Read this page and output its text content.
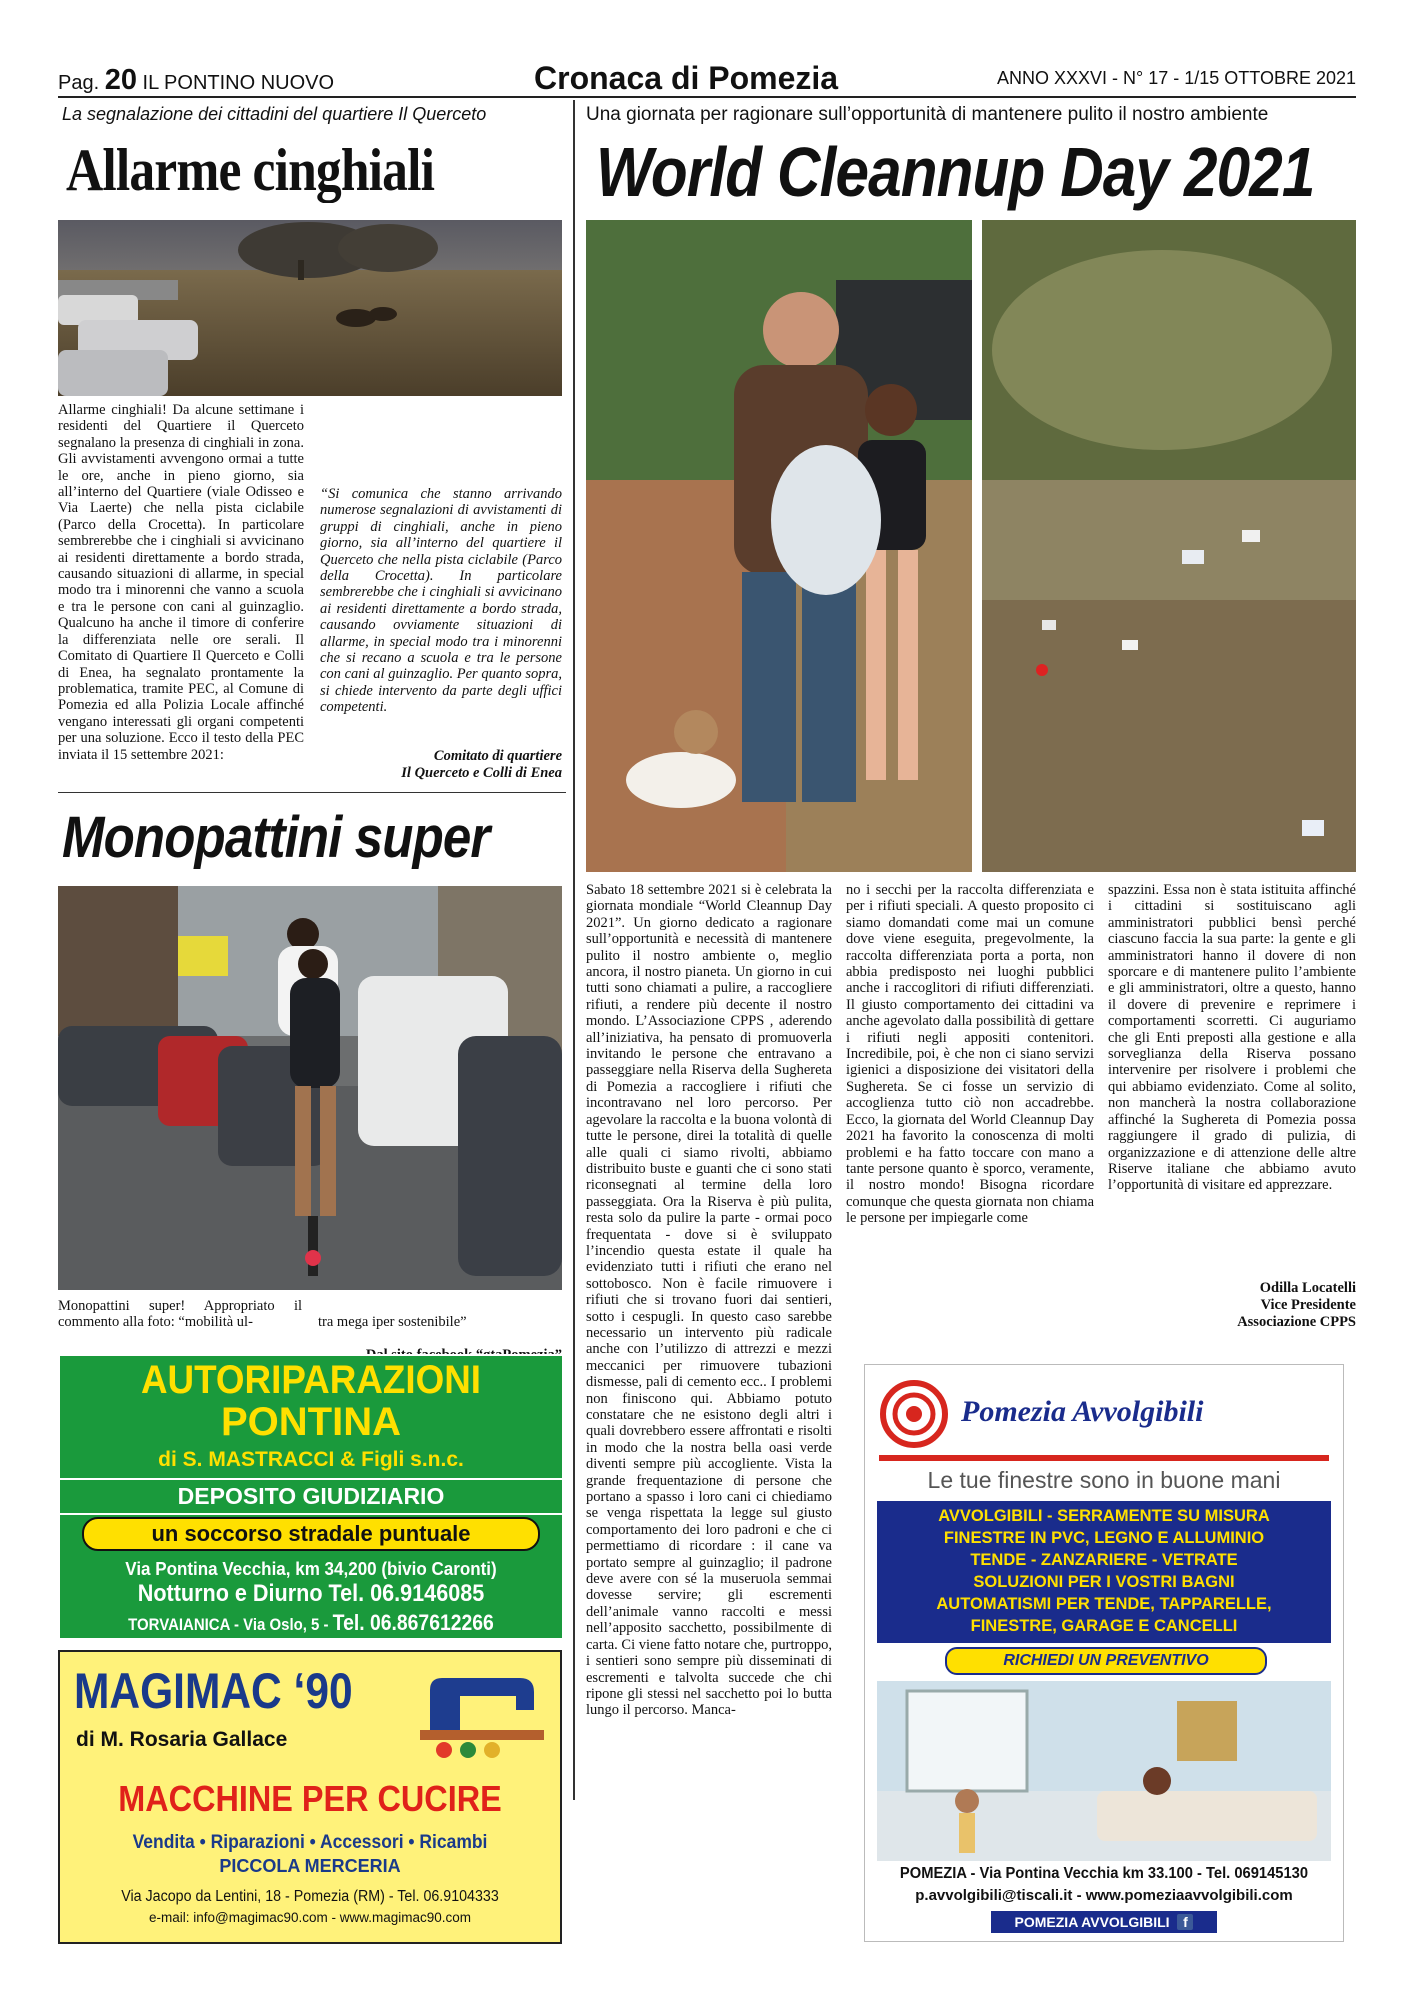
Pag. 20 IL PONTINO NUOVO	Cronaca di Pomezia	ANNO XXXVI - N° 17 - 1/15 OTTOBRE 2021
La segnalazione dei cittadini del quartiere Il Querceto
Allarme cinghiali
Allarme cinghiali! Da alcune settimane i residenti del Quartiere il Querceto segnalano la presenza di cinghiali in zona. Gli avvistamenti avvengono ormai a tutte le ore, anche in pieno giorno, sia all’interno del Quartiere (viale Odisseo e Via Laerte) che nella pista ciclabile (Parco della Crocetta). In particolare sembrerebbe che i cinghiali si avvicinano ai residenti direttamente a bordo strada, causando situazioni di allarme, in special modo tra i minorenni che vanno a scuola e tra le persone con cani al guinzaglio. Qualcuno ha anche il timore di conferire la differenziata nelle ore serali. Il Comitato di Quartiere Il Querceto e Colli di Enea, ha segnalato prontamente la problematica, tramite PEC, al Comune di Pomezia ed alla Polizia Locale affinché vengano interessati gli organi competenti per una soluzione. Ecco il testo della PEC inviata il 15 settembre 2021:
“Si comunica che stanno arrivando numerose segnalazioni di avvistamenti di gruppi di cinghiali, anche in pieno giorno, sia all’interno del quartiere il Querceto che nella pista ciclabile (Parco della Crocetta). In particolare sembrerebbe che i cinghiali si avvicinano ai residenti direttamente a bordo strada, causando ovviamente situazioni di allarme, in special modo tra i minorenni che si recano a scuola e tra le persone con cani al guinzaglio. Per quanto sopra, si chiede intervento da parte degli uffici competenti.
Comitato di quartiere
Il Querceto e Colli di Enea
Monopattini super
Monopattini super! Appropriato il commento alla foto: “mobilità ul-	tra mega iper sostenibile”

Una giornata per ragionare sull’opportunità di mantenere pulito il nostro ambiente
World Cleannup Day 2021
Sabato 18 settembre 2021 si è celebrata la giornata mondiale “World Cleannup Day 2021”. Un giorno dedicato a ragionare sull’opportunità e necessità di mantenere pulito il nostro ambiente o, meglio ancora, il nostro pianeta. Un giorno in cui tutti sono chiamati a pulire, a raccogliere rifiuti, a rendere più decente il nostro mondo. L’Associazione CPPS , aderendo all’iniziativa, ha pensato di promuoverla invitando le persone che entravano a passeggiare nella Riserva della Sughereta di Pomezia a raccogliere i rifiuti che incontravano nel loro percorso. Per agevolare la raccolta e la buona volontà di tutte le persone, direi la totalità di quelle alle quali ci siamo rivolti, abbiamo distribuito buste e guanti che ci sono stati riconsegnati al termine della loro passeggiata. Ora la Riserva è più pulita, resta solo da pulire la parte - ormai poco frequentata - dove si è sviluppato l’incendio questa estate il quale ha evidenziato tutti i rifiuti che erano nel sottobosco. Non è facile rimuovere i rifiuti che si trovano fuori dai sentieri, sotto i cespugli. In questo caso sarebbe necessario un intervento più radicale anche con l’utilizzo di attrezzi e mezzi meccanici per rimuovere tubazioni dismesse, pali di cemento ecc.. I problemi non finiscono qui. Abbiamo potuto constatare che ne esistono degli altri i quali dovrebbero essere affrontati e risolti in modo che la nostra bella oasi verde diventi sempre più accogliente. Vista la grande frequentazione di persone che portano a spasso i loro cani ci chiediamo se venga rispettata la legge sul giusto comportamento dei loro padroni e che ci permettiamo di ricordare : il cane va portato sempre al guinzaglio; il padrone deve avere con sé la museruola semmai dovesse servire; gli escrementi dell’animale vanno raccolti e messi nell’apposito sacchetto, possibilmente di carta. Ci viene fatto notare che, purtroppo, i sentieri sono sempre più disseminati di escrementi e talvolta succede che chi ripone gli stessi nel sacchetto poi lo butta lungo il percorso. Manca-
no i secchi per la raccolta differenziata e per i rifiuti speciali. A questo proposito ci siamo domandati come mai un comune dove viene eseguita, pregevolmente, la raccolta differenziata porta a porta, non abbia predisposto nei luoghi pubblici anche i raccoglitori di rifiuti differenziati. Il giusto comportamento dei cittadini va anche agevolato dalla possibilità di gettare i rifiuti negli appositi contenitori. Incredibile, poi, è che non ci siano servizi igienici a disposizione dei visitatori della Sughereta. Se ci fosse un servizio di accoglienza tutto ciò non accadrebbe. Ecco, la giornata del World Cleannup Day 2021 ha favorito la conoscenza di molti problemi e ha fatto toccare con mano a tante persone quanto è sporco, veramente, il nostro mondo! Bisogna ricordare comunque che questa giornata non chiama le persone per impiegarle come
spazzini. Essa non è stata istituita affinché i cittadini si sostituiscano agli amministratori pubblici bensì perché ciascuno faccia la sua parte: la gente e gli amministratori hanno il dovere di non sporcare e di mantenere pulito l’ambiente e gli amministratori, oltre a questo, hanno il dovere di prevenire e reprimere i comportamenti scorretti. Ci auguriamo che gli Enti preposti alla gestione e alla sorveglianza della Riserva possano intervenire per risolvere i problemi che qui abbiamo evidenziato. Come al solito, non mancherà la nostra collaborazione affinché la Sughereta di Pomezia possa raggiungere il grado di pulizia, di organizzazione e di attenzione delle altre Riserve italiane che abbiamo avuto l’opportunità di visitare ed apprezzare.
Odilla Locatelli
Vice Presidente
Associazione CPPS
AUTORIPARAZIONI
PONTINA
di S. MASTRACCI & Figli s.n.c.
DEPOSITO GIUDIZIARIO
un soccorso stradale puntuale
Via Pontina Vecchia, km 34,200 (bivio Caronti)
Notturno e Diurno Tel. 06.9146085
TORVAIANICA - Via Oslo, 5 - Tel. 06.867612266
MAGIMAC ‘90
di M. Rosaria Gallace
MACCHINE PER CUCIRE
Vendita • Riparazioni • Accessori • Ricambi
PICCOLA MERCERIA
Via Jacopo da Lentini, 18 - Pomezia (RM) - Tel. 06.9104333
e-mail: info@magimac90.com - www.magimac90.com
Pomezia Avvolgibili
Le tue finestre sono in buone mani
AVVOLGIBILI - SERRAMENTE SU MISURA
FINESTRE IN PVC, LEGNO E ALLUMINIO
TENDE - ZANZARIERE - VETRATE
SOLUZIONI PER I VOSTRI BAGNI
AUTOMATISMI PER TENDE, TAPPARELLE,
FINESTRE, GARAGE E CANCELLI
RICHIEDI UN PREVENTIVO
POMEZIA - Via Pontina Vecchia km 33.100 - Tel. 069145130
p.avvolgibili@tiscali.it - www.pomeziaavvolgibili.com
POMEZIA AVVOLGIBILI f
